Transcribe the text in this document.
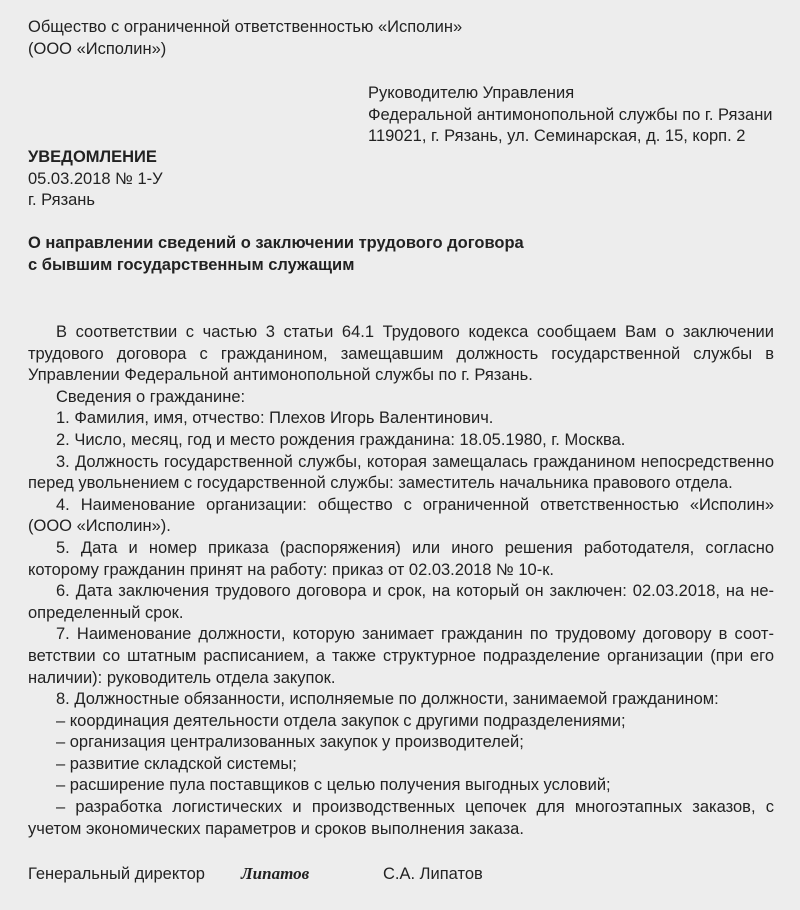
Общество с ограниченной ответственностью «Исполин»
(ООО «Исполин»)
Руководителю Управления
Федеральной антимонопольной службы по г. Рязани
119021, г. Рязань, ул. Семинарская, д. 15, корп. 2
УВЕДОМЛЕНИЕ
05.03.2018 № 1-У
г. Рязань
О направлении сведений о заключении трудового договора
с бывшим государственным служащим

В соответствии с частью 3 статьи 64.1 Трудового кодекса сообщаем Вам о заключении трудового договора с гражданином, замещавшим должность государственной службы в Управлении Федеральной антимонопольной службы по г. Рязань.

Сведения о гражданине:

1. Фамилия, имя, отчество: Плехов Игорь Валентинович.

2. Число, месяц, год и место рождения гражданина: 18.05.1980, г. Москва.

3. Должность государственной службы, которая замещалась гражданином непосредственно перед увольнением с государственной службы: заместитель начальника правового отдела.

4. Наименование организации: общество с ограниченной ответственностью «Исполин» (ООО «Исполин»).

5. Дата и номер приказа (распоряжения) или иного решения работодателя, согласно которому гражданин принят на работу: приказ от 02.03.2018 № 10-к.

6. Дата заключения трудового договора и срок, на который он заключен: 02.03.2018, на неопределенный срок.

7. Наименование должности, которую занимает гражданин по трудовому договору в соответствии со штатным расписанием, а также структурное подразделение организации (при его наличии): руководитель отдела закупок.

8. Должностные обязанности, исполняемые по должности, занимаемой гражданином:

– координация деятельности отдела закупок с другими подразделениями;

– организация централизованных закупок у производителей;

– развитие складской системы;

– расширение пула поставщиков с целью получения выгодных условий;

– разработка логистических и производственных цепочек для многоэтапных заказов, с учетом экономических параметров и сроков выполнения заказа.

Генеральный директор Липатов	С.А. Липатов
